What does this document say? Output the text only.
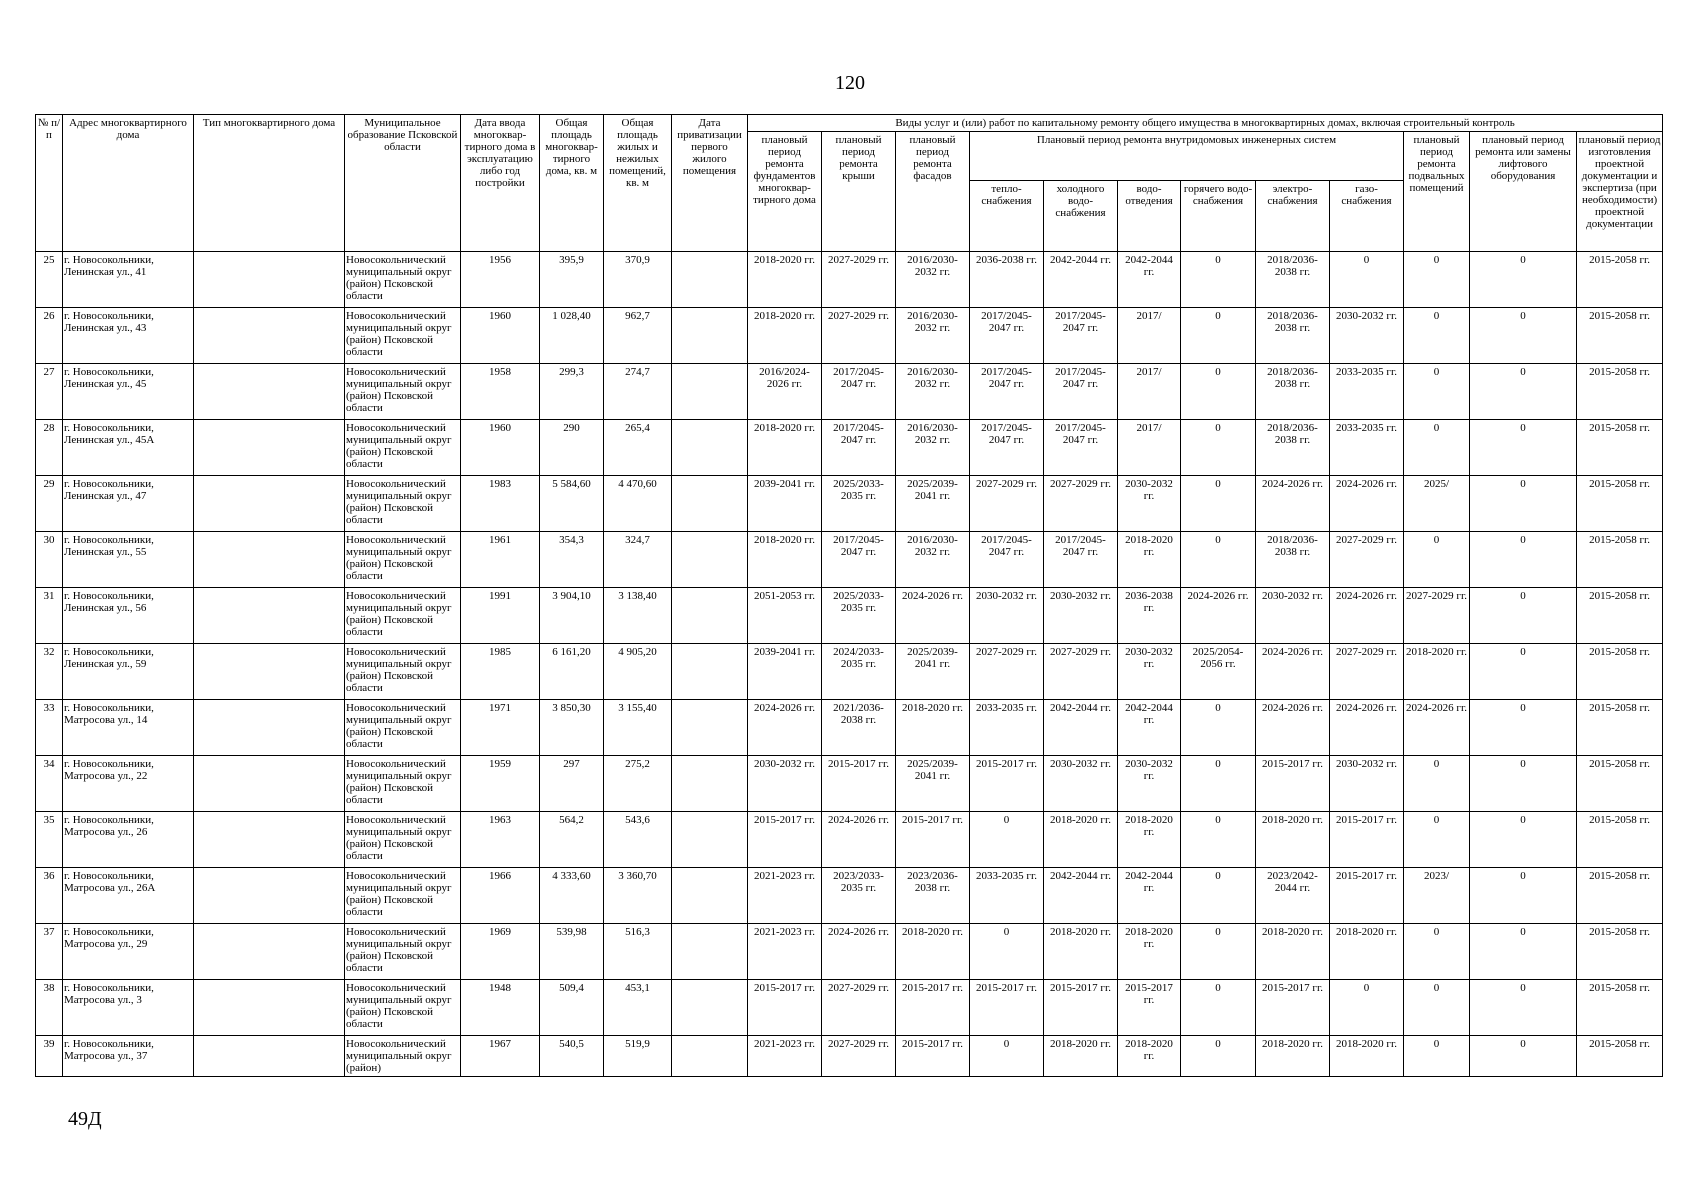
120
№ п/п	Адрес многоквартирного дома	Тип многоквартирного дома	Муниципальное образование Псковской области	Дата ввода многоквар-тирного дома в эксплуатацию либо год постройки	Общая площадь многоквар-тирного дома, кв. м	Общая площадь жилых и нежилых помещений, кв. м	Дата приватизации первого жилого помещения	Виды услуг и (или) работ по капитальному ремонту общего имущества в многоквартирных домах, включая строительный контроль											
								плановый период ремонта фундаментов многоквар-тирного дома	плановый период ремонта крыши	плановый период ремонта фасадов	Плановый период ремонта внутридомовых инженерных систем						плановый период ремонта подвальных помещений	плановый период ремонта или замены лифтового оборудования	плановый период изготовления проектной документации и экспертиза (при необходимости) проектной документации
											тепло-снабжения	холодного водо-снабжения	водо-отведения	горячего водо-снабжения	электро-снабжения	газо-снабжения			
25	г. Новосокольники, Ленинская ул., 41		Новосокольнический муниципальный округ (район) Псковской области	1956	395,9	370,9		2018-2020 гг.	2027-2029 гг.	2016/2030-2032 гг.	2036-2038 гг.	2042-2044 гг.	2042-2044 гг.	0	2018/2036-2038 гг.	0	0	0	2015-2058 гг.
26	г. Новосокольники, Ленинская ул., 43		Новосокольнический муниципальный округ (район) Псковской области	1960	1 028,40	962,7		2018-2020 гг.	2027-2029 гг.	2016/2030-2032 гг.	2017/2045-2047 гг.	2017/2045-2047 гг.	2017/	0	2018/2036-2038 гг.	2030-2032 гг.	0	0	2015-2058 гг.
27	г. Новосокольники, Ленинская ул., 45		Новосокольнический муниципальный округ (район) Псковской области	1958	299,3	274,7		2016/2024-2026 гг.	2017/2045-2047 гг.	2016/2030-2032 гг.	2017/2045-2047 гг.	2017/2045-2047 гг.	2017/	0	2018/2036-2038 гг.	2033-2035 гг.	0	0	2015-2058 гг.
28	г. Новосокольники, Ленинская ул., 45А		Новосокольнический муниципальный округ (район) Псковской области	1960	290	265,4		2018-2020 гг.	2017/2045-2047 гг.	2016/2030-2032 гг.	2017/2045-2047 гг.	2017/2045-2047 гг.	2017/	0	2018/2036-2038 гг.	2033-2035 гг.	0	0	2015-2058 гг.
29	г. Новосокольники, Ленинская ул., 47		Новосокольнический муниципальный округ (район) Псковской области	1983	5 584,60	4 470,60		2039-2041 гг.	2025/2033-2035 гг.	2025/2039-2041 гг.	2027-2029 гг.	2027-2029 гг.	2030-2032 гг.	0	2024-2026 гг.	2024-2026 гг.	2025/	0	2015-2058 гг.
30	г. Новосокольники, Ленинская ул., 55		Новосокольнический муниципальный округ (район) Псковской области	1961	354,3	324,7		2018-2020 гг.	2017/2045-2047 гг.	2016/2030-2032 гг.	2017/2045-2047 гг.	2017/2045-2047 гг.	2018-2020 гг.	0	2018/2036-2038 гг.	2027-2029 гг.	0	0	2015-2058 гг.
31	г. Новосокольники, Ленинская ул., 56		Новосокольнический муниципальный округ (район) Псковской области	1991	3 904,10	3 138,40		2051-2053 гг.	2025/2033-2035 гг.	2024-2026 гг.	2030-2032 гг.	2030-2032 гг.	2036-2038 гг.	2024-2026 гг.	2030-2032 гг.	2024-2026 гг.	2027-2029 гг.	0	2015-2058 гг.
32	г. Новосокольники, Ленинская ул., 59		Новосокольнический муниципальный округ (район) Псковской области	1985	6 161,20	4 905,20		2039-2041 гг.	2024/2033-2035 гг.	2025/2039-2041 гг.	2027-2029 гг.	2027-2029 гг.	2030-2032 гг.	2025/2054-2056 гг.	2024-2026 гг.	2027-2029 гг.	2018-2020 гг.	0	2015-2058 гг.
33	г. Новосокольники, Матросова ул., 14		Новосокольнический муниципальный округ (район) Псковской области	1971	3 850,30	3 155,40		2024-2026 гг.	2021/2036-2038 гг.	2018-2020 гг.	2033-2035 гг.	2042-2044 гг.	2042-2044 гг.	0	2024-2026 гг.	2024-2026 гг.	2024-2026 гг.	0	2015-2058 гг.
34	г. Новосокольники, Матросова ул., 22		Новосокольнический муниципальный округ (район) Псковской области	1959	297	275,2		2030-2032 гг.	2015-2017 гг.	2025/2039-2041 гг.	2015-2017 гг.	2030-2032 гг.	2030-2032 гг.	0	2015-2017 гг.	2030-2032 гг.	0	0	2015-2058 гг.
35	г. Новосокольники, Матросова ул., 26		Новосокольнический муниципальный округ (район) Псковской области	1963	564,2	543,6		2015-2017 гг.	2024-2026 гг.	2015-2017 гг.	0	2018-2020 гг.	2018-2020 гг.	0	2018-2020 гг.	2015-2017 гг.	0	0	2015-2058 гг.
36	г. Новосокольники, Матросова ул., 26А		Новосокольнический муниципальный округ (район) Псковской области	1966	4 333,60	3 360,70		2021-2023 гг.	2023/2033-2035 гг.	2023/2036-2038 гг.	2033-2035 гг.	2042-2044 гг.	2042-2044 гг.	0	2023/2042-2044 гг.	2015-2017 гг.	2023/	0	2015-2058 гг.
37	г. Новосокольники, Матросова ул., 29		Новосокольнический муниципальный округ (район) Псковской области	1969	539,98	516,3		2021-2023 гг.	2024-2026 гг.	2018-2020 гг.	0	2018-2020 гг.	2018-2020 гг.	0	2018-2020 гг.	2018-2020 гг.	0	0	2015-2058 гг.
38	г. Новосокольники, Матросова ул., 3		Новосокольнический муниципальный округ (район) Псковской области	1948	509,4	453,1		2015-2017 гг.	2027-2029 гг.	2015-2017 гг.	2015-2017 гг.	2015-2017 гг.	2015-2017 гг.	0	2015-2017 гг.	0	0	0	2015-2058 гг.
39	г. Новосокольники, Матросова ул., 37		Новосокольнический муниципальный округ (район)	1967	540,5	519,9		2021-2023 гг.	2027-2029 гг.	2015-2017 гг.	0	2018-2020 гг.	2018-2020 гг.	0	2018-2020 гг.	2018-2020 гг.	0	0	2015-2058 гг.
49Д
